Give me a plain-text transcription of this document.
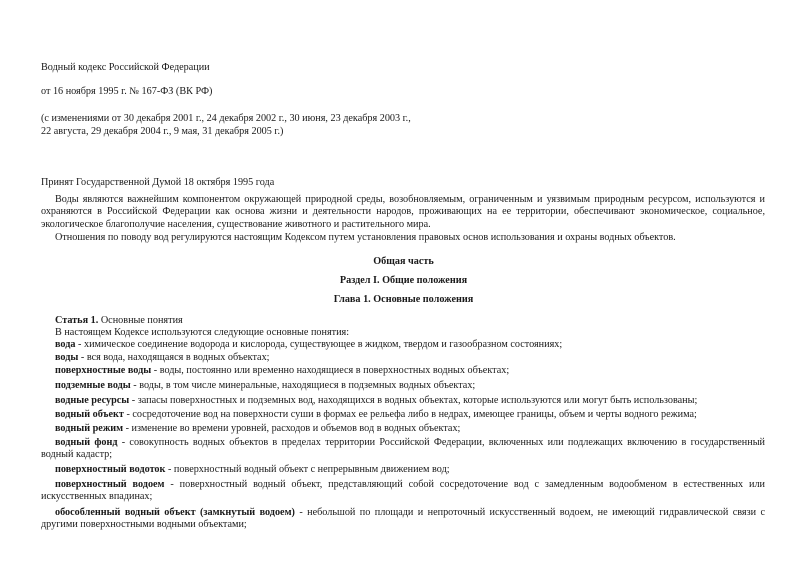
Водный кодекс Российской Федерации
от 16 ноября 1995 г. № 167-ФЗ (ВК РФ)
(с изменениями от 30 декабря 2001 г., 24 декабря 2002 г., 30 июня, 23 декабря 2003 г.,
22 августа, 29 декабря 2004 г., 9 мая, 31 декабря 2005 г.)
Принят Государственной Думой 18 октября 1995 года
Воды являются важнейшим компонентом окружающей природной среды, возобновляемым, ограниченным и уязвимым природным ресурсом, используются и охраняются в Российской Федерации как основа жизни и деятельности народов, проживающих на ее территории, обеспечивают экономическое, социальное, экологическое благополучие населения, существование животного и растительного мира.
Отношения по поводу вод регулируются настоящим Кодексом путем установления правовых основ использования и охраны водных объектов.
Общая часть
Раздел I. Общие положения
Глава 1. Основные положения
Статья 1. Основные понятия
В настоящем Кодексе используются следующие основные понятия:
вода - химическое соединение водорода и кислорода, существующее в жидком, твердом и газообразном состояниях;
воды - вся вода, находящаяся в водных объектах;
поверхностные воды - воды, постоянно или временно находящиеся в поверхностных водных объектах;
подземные воды - воды, в том числе минеральные, находящиеся в подземных водных объектах;
водные ресурсы - запасы поверхностных и подземных вод, находящихся в водных объектах, которые используются или могут быть использованы;
водный объект - сосредоточение вод на поверхности суши в формах ее рельефа либо в недрах, имеющее границы, объем и черты водного режима;
водный режим - изменение во времени уровней, расходов и объемов вод в водных объектах;
водный фонд - совокупность водных объектов в пределах территории Российской Федерации, включенных или подлежащих включению в государственный водный кадастр;
поверхностный водоток - поверхностный водный объект с непрерывным движением вод;
поверхностный водоем - поверхностный водный объект, представляющий собой сосредоточение вод с замедленным водообменом в естественных или искусственных впадинах;
обособленный водный объект (замкнутый водоем) - небольшой по площади и непроточный искусственный водоем, не имеющий гидравлической связи с другими поверхностными водными объектами;
